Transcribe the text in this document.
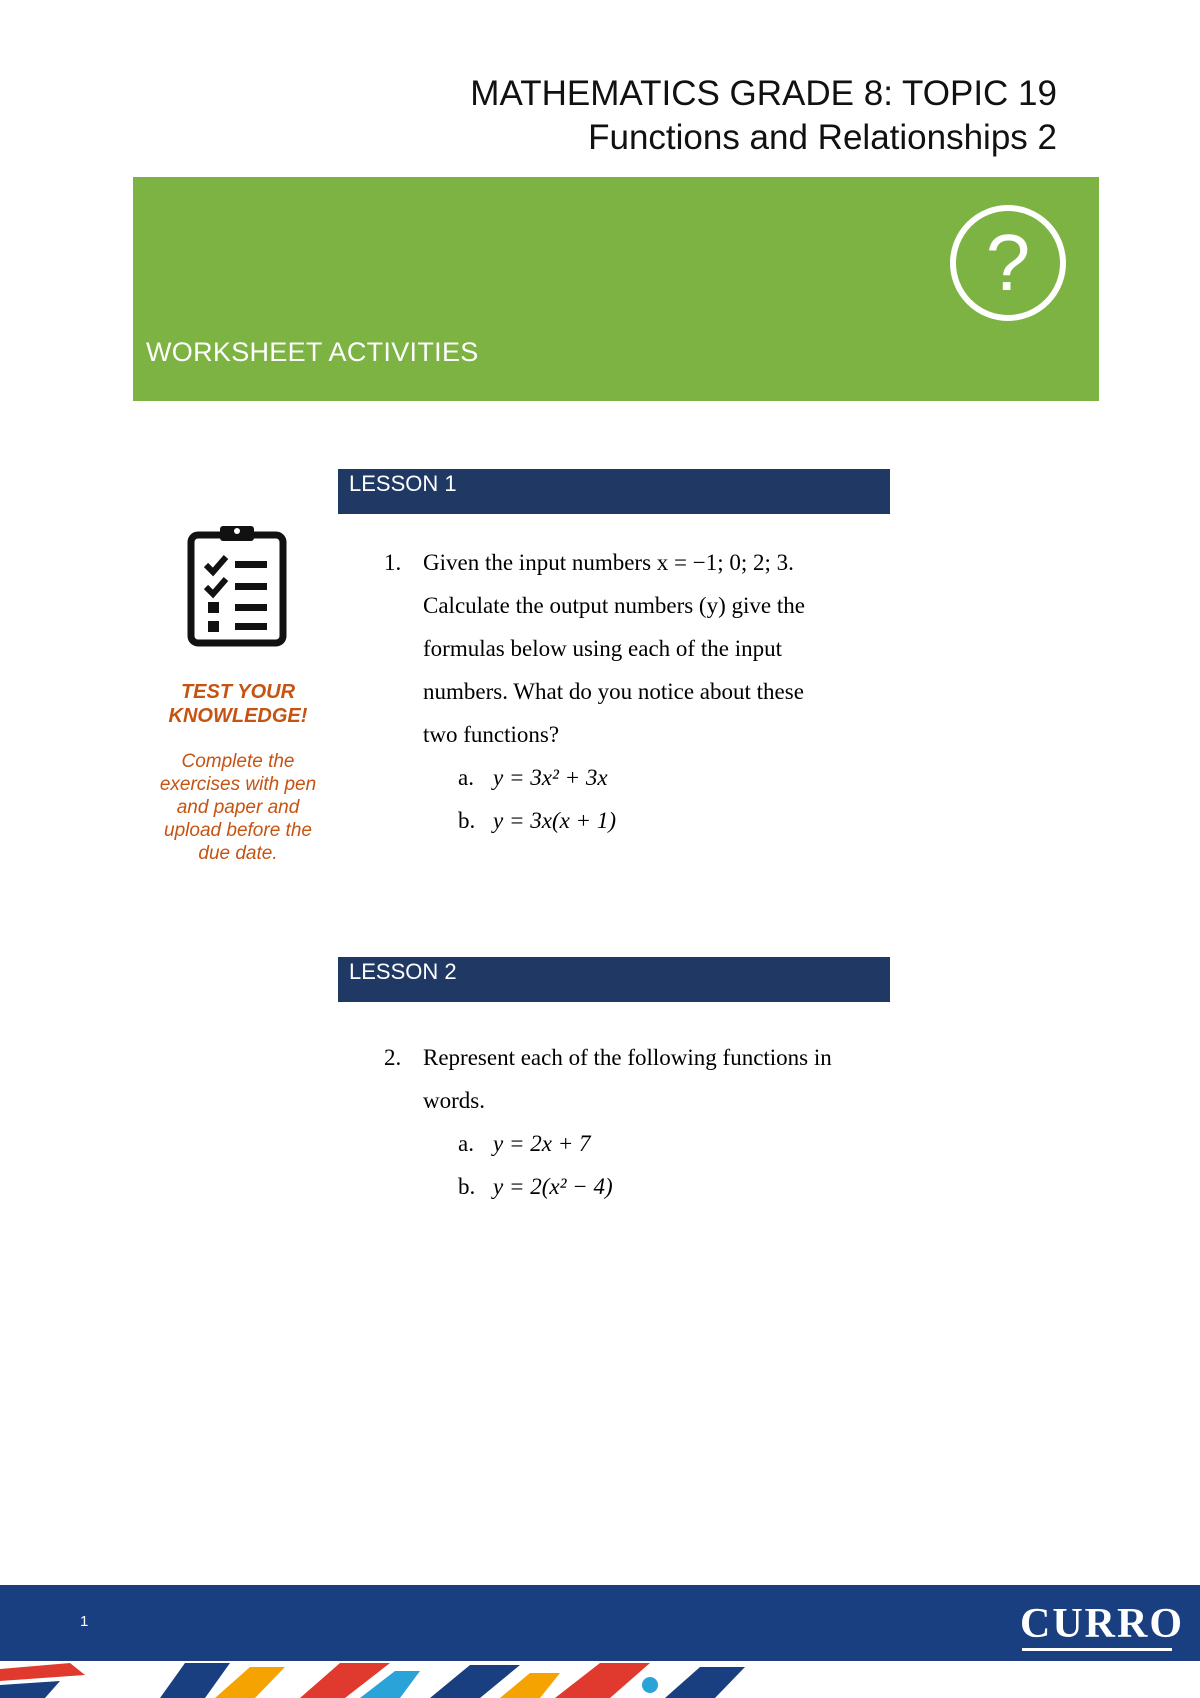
MATHEMATICS GRADE 8: TOPIC 19
Functions and Relationships 2
?
WORKSHEET ACTIVITIES
TEST YOUR
KNOWLEDGE!
Complete the
exercises with pen
and paper and
upload before the
due date.
LESSON 1
1. Given the input numbers x = −1; 0; 2; 3.
Calculate the output numbers (y) give the
formulas below using each of the input
numbers. What do you notice about these
two functions?
a. y = 3x² + 3x
b. y = 3x(x + 1)
LESSON 2
2. Represent each of the following functions in
words.
a. y = 2x + 7
b. y = 2(x² − 4)
1	CURRO
